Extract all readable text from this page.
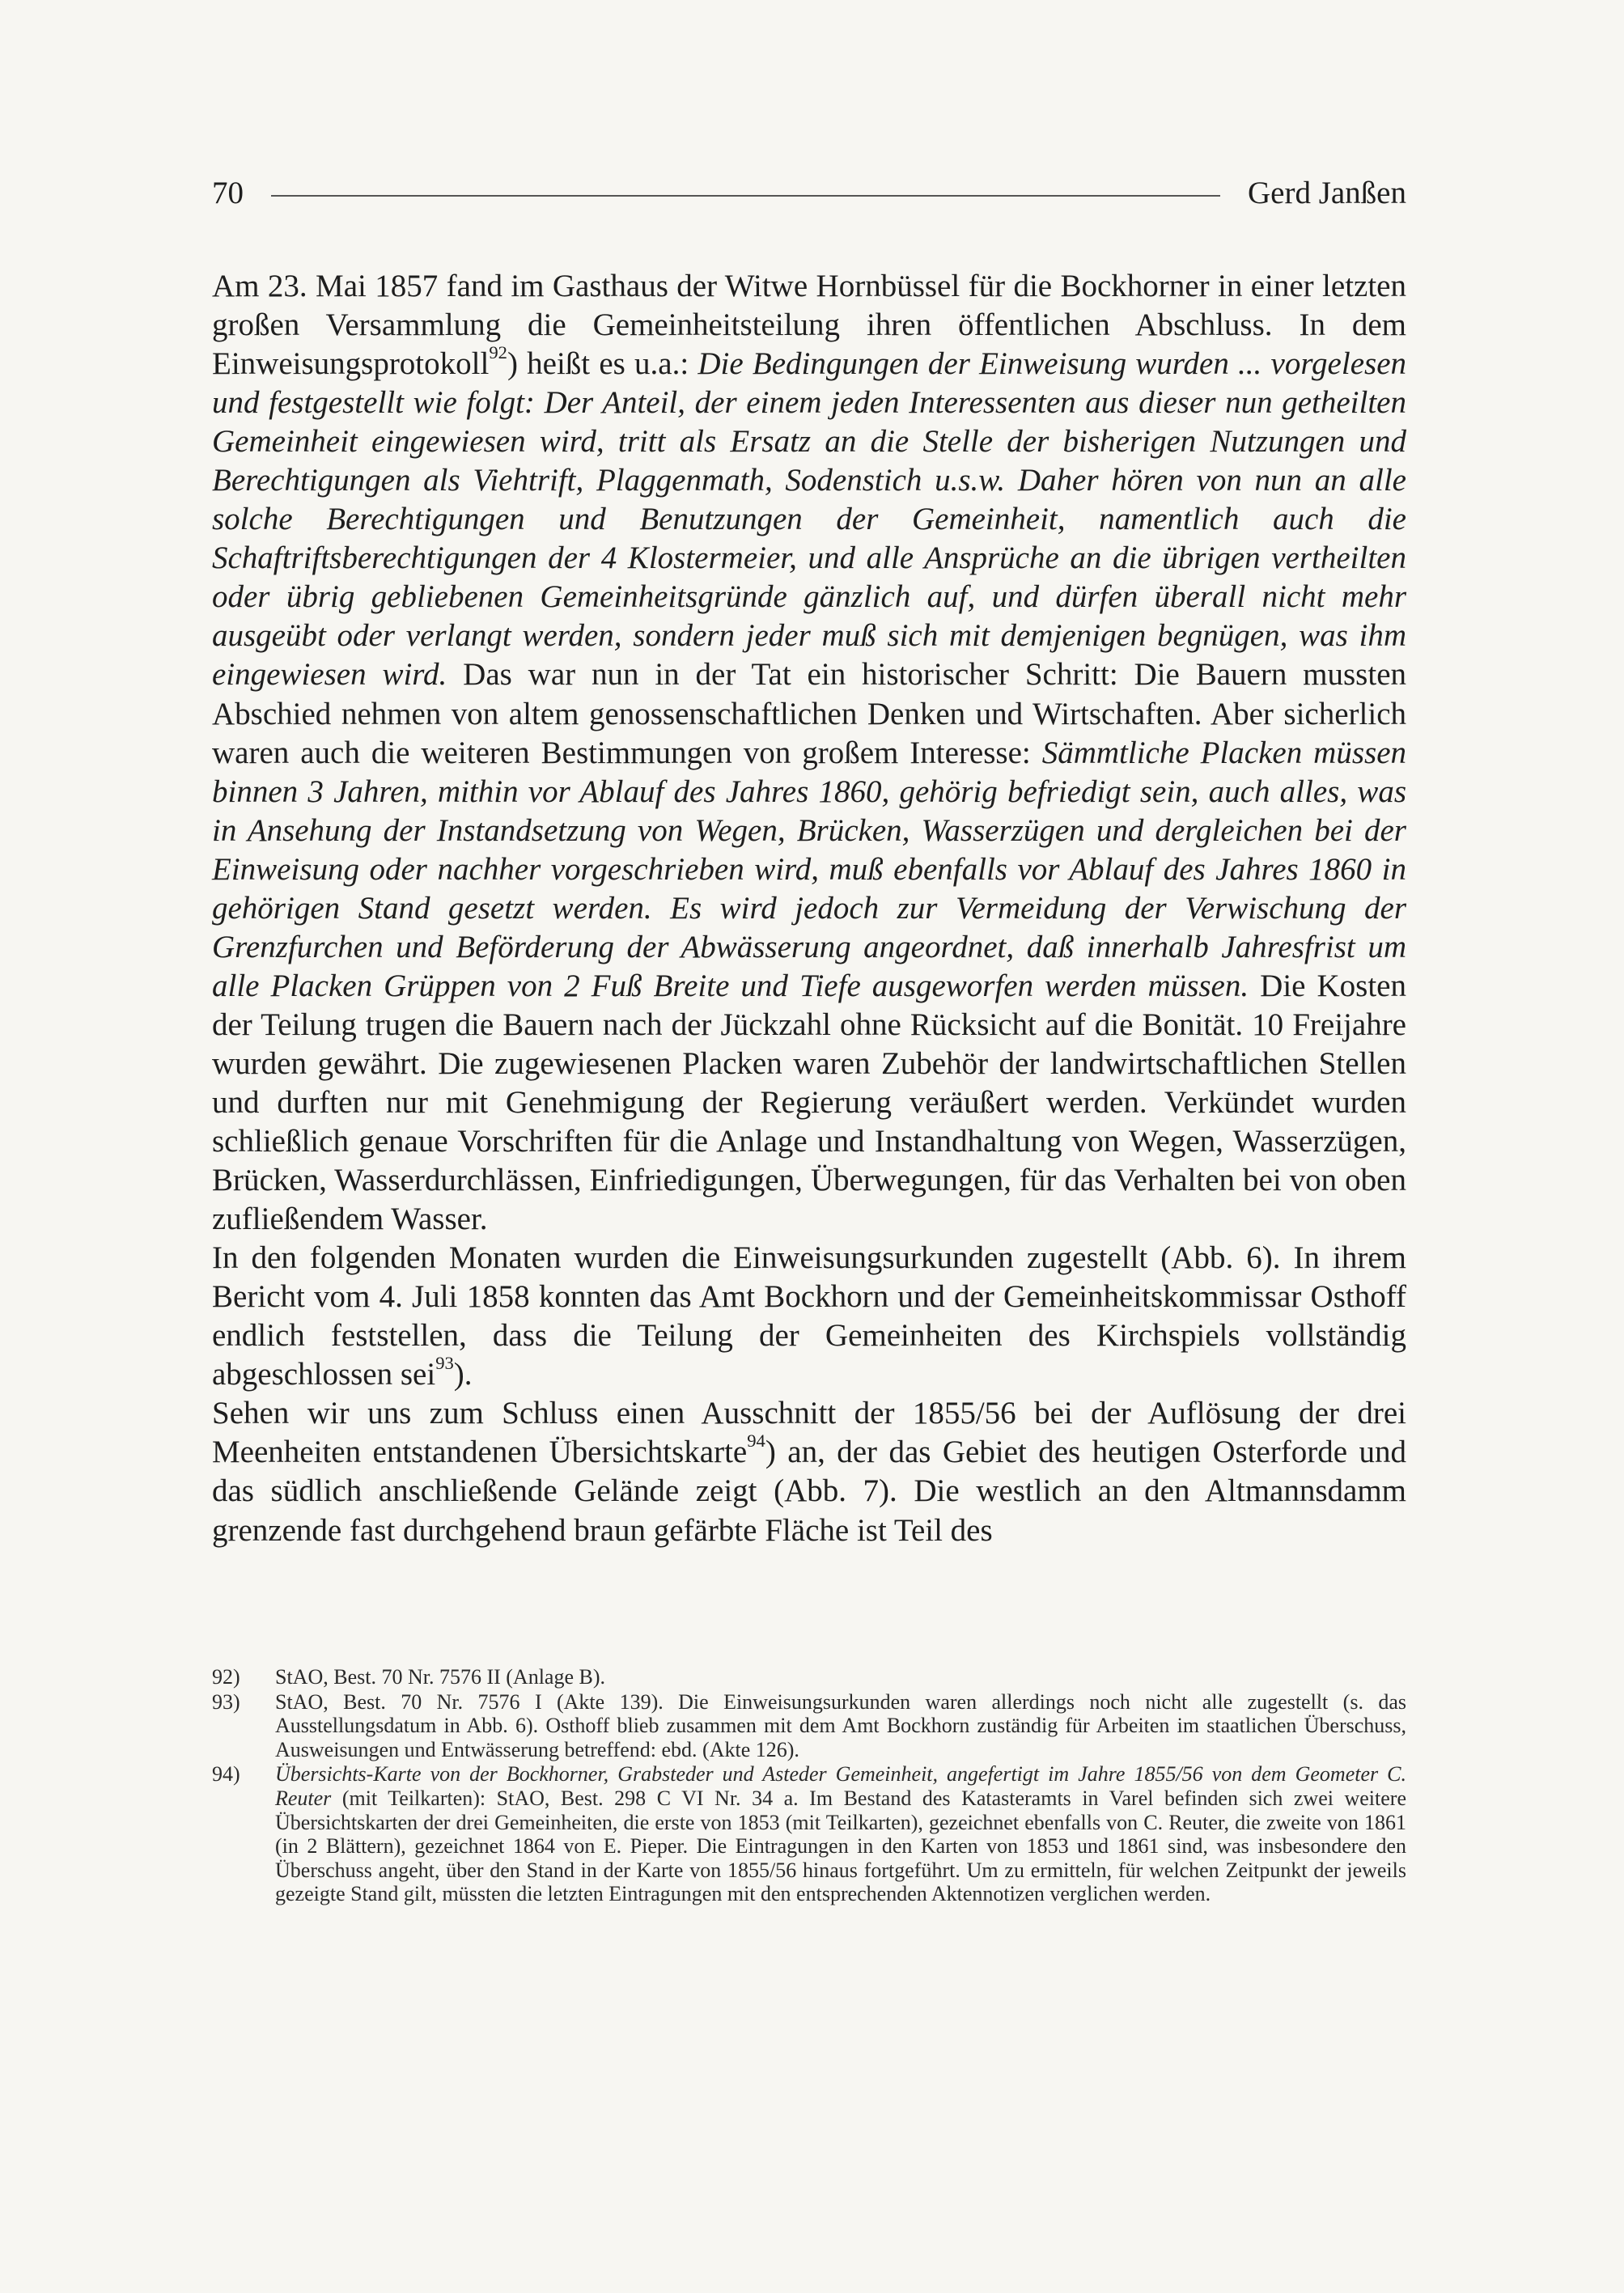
70	Gerd Janßen

Am 23. Mai 1857 fand im Gasthaus der Witwe Hornbüssel für die Bockhorner in einer letzten großen Versammlung die Gemeinheitsteilung ihren öffentlichen Abschluss. In dem Einweisungsprotokoll$^{92}$) heißt es u.a.: Die Bedingungen der Einweisung wurden ... vorgelesen und festgestellt wie folgt: Der Anteil, der einem jeden Interessenten aus dieser nun getheilten Gemeinheit eingewiesen wird, tritt als Ersatz an die Stelle der bisherigen Nutzungen und Berechtigungen als Viehtrift, Plaggenmath, Sodenstich u.s.w. Daher hören von nun an alle solche Berechtigungen und Benutzungen der Gemeinheit, namentlich auch die Schaftriftsberechtigungen der 4 Klostermeier, und alle Ansprüche an die übrigen vertheilten oder übrig gebliebenen Gemeinheitsgründe gänzlich auf, und dürfen überall nicht mehr ausgeübt oder verlangt werden, sondern jeder muß sich mit demjenigen begnügen, was ihm eingewiesen wird. Das war nun in der Tat ein historischer Schritt: Die Bauern mussten Abschied nehmen von altem genossenschaftlichen Denken und Wirtschaften. Aber sicherlich waren auch die weiteren Bestimmungen von großem Interesse: Sämmtliche Placken müssen binnen 3 Jahren, mithin vor Ablauf des Jahres 1860, gehörig befriedigt sein, auch alles, was in Ansehung der Instandsetzung von Wegen, Brücken, Wasserzügen und dergleichen bei der Einweisung oder nachher vorgeschrieben wird, muß ebenfalls vor Ablauf des Jahres 1860 in gehörigen Stand gesetzt werden. Es wird jedoch zur Vermeidung der Verwischung der Grenzfurchen und Beförderung der Abwässerung angeordnet, daß innerhalb Jahresfrist um alle Placken Grüppen von 2 Fuß Breite und Tiefe ausgeworfen werden müssen. Die Kosten der Teilung trugen die Bauern nach der Jückzahl ohne Rücksicht auf die Bonität. 10 Freijahre wurden gewährt. Die zugewiesenen Placken waren Zubehör der landwirtschaftlichen Stellen und durften nur mit Genehmigung der Regierung veräußert werden. Verkündet wurden schließlich genaue Vorschriften für die Anlage und Instandhaltung von Wegen, Wasserzügen, Brücken, Wasserdurchlässen, Einfriedigungen, Überwegungen, für das Verhalten bei von oben zufließendem Wasser.

In den folgenden Monaten wurden die Einweisungsurkunden zugestellt (Abb. 6). In ihrem Bericht vom 4. Juli 1858 konnten das Amt Bockhorn und der Gemeinheitskommissar Osthoff endlich feststellen, dass die Teilung der Gemeinheiten des Kirchspiels vollständig abgeschlossen sei$^{93}$).

Sehen wir uns zum Schluss einen Ausschnitt der 1855/56 bei der Auflösung der drei Meenheiten entstandenen Übersichtskarte$^{94}$) an, der das Gebiet des heutigen Osterforde und das südlich anschließende Gelände zeigt (Abb. 7). Die westlich an den Altmannsdamm grenzende fast durchgehend braun gefärbte Fläche ist Teil des

92)	StAO, Best. 70 Nr. 7576 II (Anlage B).
93)	StAO, Best. 70 Nr. 7576 I (Akte 139). Die Einweisungsurkunden waren allerdings noch nicht alle zugestellt (s. das Ausstellungsdatum in Abb. 6). Osthoff blieb zusammen mit dem Amt Bockhorn zuständig für Arbeiten im staatlichen Überschuss, Ausweisungen und Entwässerung betreffend: ebd. (Akte 126).
94)	Übersichts-Karte von der Bockhorner, Grabsteder und Asteder Gemeinheit, angefertigt im Jahre 1855/56 von dem Geometer C. Reuter (mit Teilkarten): StAO, Best. 298 C VI Nr. 34 a. Im Bestand des Katasteramts in Varel befinden sich zwei weitere Übersichtskarten der drei Gemeinheiten, die erste von 1853 (mit Teilkarten), gezeichnet ebenfalls von C. Reuter, die zweite von 1861 (in 2 Blättern), gezeichnet 1864 von E. Pieper. Die Eintragungen in den Karten von 1853 und 1861 sind, was insbesondere den Überschuss angeht, über den Stand in der Karte von 1855/56 hinaus fortgeführt. Um zu ermitteln, für welchen Zeitpunkt der jeweils gezeigte Stand gilt, müssten die letzten Eintragungen mit den entsprechenden Aktennotizen verglichen werden.
